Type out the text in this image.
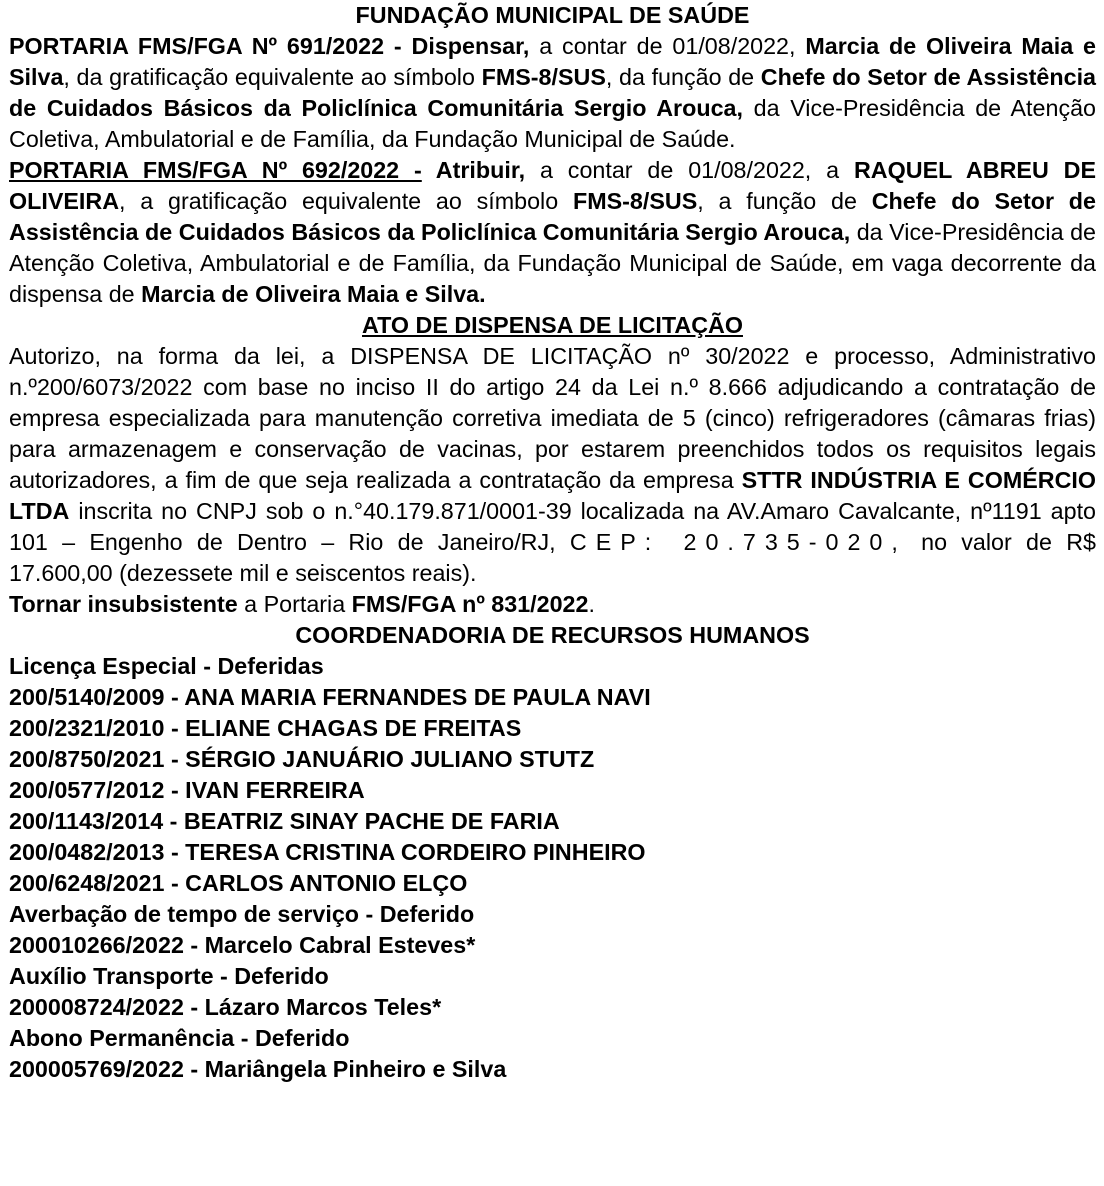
FUNDAÇÃO MUNICIPAL DE SAÚDE

PORTARIA FMS/FGA Nº 691/2022 - Dispensar, a contar de 01/08/2022, Marcia de Oliveira Maia e Silva, da gratificação equivalente ao símbolo FMS-8/SUS, da função de Chefe do Setor de Assistência de Cuidados Básicos da Policlínica Comunitária Sergio Arouca, da Vice-Presidência de Atenção Coletiva, Ambulatorial e de Família, da Fundação Municipal de Saúde.

PORTARIA FMS/FGA Nº 692/2022 - Atribuir, a contar de 01/08/2022, a RAQUEL ABREU DE OLIVEIRA, a gratificação equivalente ao símbolo FMS-8/SUS, a função de Chefe do Setor de Assistência de Cuidados Básicos da Policlínica Comunitária Sergio Arouca, da Vice-Presidência de Atenção Coletiva, Ambulatorial e de Família, da Fundação Municipal de Saúde, em vaga decorrente da dispensa de Marcia de Oliveira Maia e Silva.

ATO DE DISPENSA DE LICITAÇÃO

Autorizo, na forma da lei, a DISPENSA DE LICITAÇÃO nº 30/2022 e processo, Administrativo n.º200/6073/2022 com base no inciso II do artigo 24 da Lei n.º 8.666 adjudicando a contratação de empresa especializada para manutenção corretiva imediata de 5 (cinco) refrigeradores (câmaras frias) para armazenagem e conservação de vacinas, por estarem preenchidos todos os requisitos legais autorizadores, a fim de que seja realizada a contratação da empresa STTR INDÚSTRIA E COMÉRCIO LTDA inscrita no CNPJ sob o n.°40.179.871/0001-39 localizada na AV.Amaro Cavalcante, nº1191 apto 101 – Engenho de Dentro – Rio de Janeiro/RJ, CEP: 20.735-020, no valor de R$ 17.600,00 (dezessete mil e seiscentos reais).

Tornar insubsistente a Portaria FMS/FGA nº 831/2022.

COORDENADORIA DE RECURSOS HUMANOS

Licença Especial - Deferidas

200/5140/2009 - ANA MARIA FERNANDES DE PAULA NAVI

200/2321/2010 - ELIANE CHAGAS DE FREITAS

200/8750/2021 - SÉRGIO JANUÁRIO JULIANO STUTZ

200/0577/2012 - IVAN FERREIRA

200/1143/2014 - BEATRIZ SINAY PACHE DE FARIA

200/0482/2013 - TERESA CRISTINA CORDEIRO PINHEIRO

200/6248/2021 - CARLOS ANTONIO ELÇO

Averbação de tempo de serviço - Deferido

200010266/2022 - Marcelo Cabral Esteves*

Auxílio Transporte - Deferido

200008724/2022 - Lázaro Marcos Teles*

Abono Permanência - Deferido

200005769/2022 - Mariângela Pinheiro e Silva
